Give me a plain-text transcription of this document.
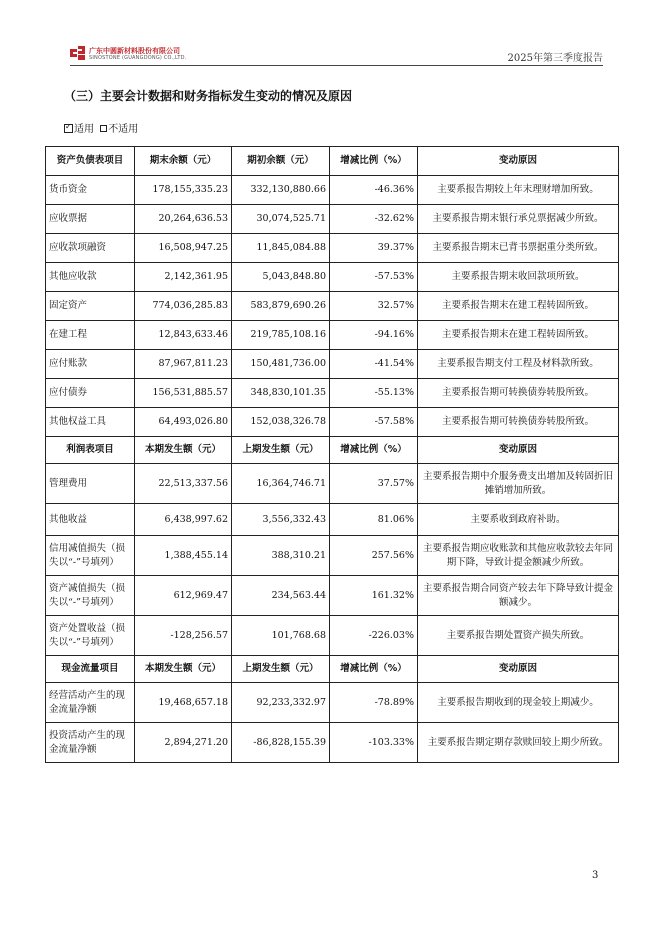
广东中圆新材料股份有限公司
SINOSTONE (GUANGDONG) CO.,LTD.	2025年第三季度报告
（三）主要会计数据和财务指标发生变动的情况及原因
✓适用 不适用
资产负债表项目	期末余额（元）	期初余额（元）	增减比例（%）	变动原因
货币资金	178,155,335.23	332,130,880.66	-46.36%	主要系报告期较上年末理财增加所致。
应收票据	20,264,636.53	30,074,525.71	-32.62%	主要系报告期末银行承兑票据减少所致。
应收款项融资	16,508,947.25	11,845,084.88	39.37%	主要系报告期末已背书票据重分类所致。
其他应收款	2,142,361.95	5,043,848.80	-57.53%	主要系报告期末收回款项所致。
固定资产	774,036,285.83	583,879,690.26	32.57%	主要系报告期末在建工程转固所致。
在建工程	12,843,633.46	219,785,108.16	-94.16%	主要系报告期末在建工程转固所致。
应付账款	87,967,811.23	150,481,736.00	-41.54%	主要系报告期支付工程及材料款所致。
应付债券	156,531,885.57	348,830,101.35	-55.13%	主要系报告期可转换债券转股所致。
其他权益工具	64,493,026.80	152,038,326.78	-57.58%	主要系报告期可转换债券转股所致。
利润表项目	本期发生额（元）	上期发生额（元）	增减比例（%）	变动原因
管理费用	22,513,337.56	16,364,746.71	37.57%	主要系报告期中介服务费支出增加及转固折旧摊销增加所致。
其他收益	6,438,997.62	3,556,332.43	81.06%	主要系收到政府补助。
信用减值损失（损失以“-”号填列）	1,388,455.14	388,310.21	257.56%	主要系报告期应收账款和其他应收款较去年同期下降，导致计提金额减少所致。
资产减值损失（损失以“-”号填列）	612,969.47	234,563.44	161.32%	主要系报告期合同资产较去年下降导致计提金额减少。
资产处置收益（损失以“-”号填列）	-128,256.57	101,768.68	-226.03%	主要系报告期处置资产损失所致。
现金流量项目	本期发生额（元）	上期发生额（元）	增减比例（%）	变动原因
经营活动产生的现金流量净额	19,468,657.18	92,233,332.97	-78.89%	主要系报告期收到的现金较上期减少。
投资活动产生的现金流量净额	2,894,271.20	-86,828,155.39	-103.33%	主要系报告期定期存款赎回较上期少所致。
3
